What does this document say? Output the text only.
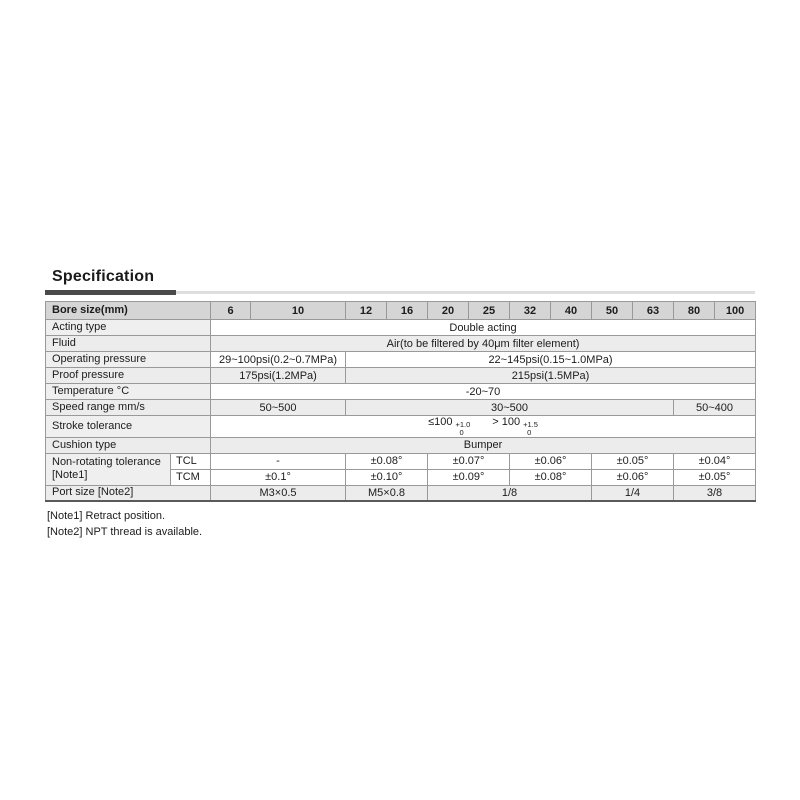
Specification
Bore size(mm)		6	10	12	16	20	25	32	40	50	63	80	100
Acting type		Double acting											
Fluid		Air(to be filtered by 40μm filter element)											
Operating pressure		29~100psi(0.2~0.7MPa)		22~145psi(0.15~1.0MPa)									
Proof pressure		175psi(1.2MPa)		215psi(1.5MPa)									
Temperature °C		-20~70											
Speed range mm/s		50~500		30~500								50~400	
Stroke tolerance	≤100 +1.0
0
> 100 +1.5
0

Cushion type		Bumper											
Non-rotating tolerance [Note1]	TCL	-		±0.08°		±0.07°		±0.06°		±0.05°		±0.04°	
	TCM	±0.1°		±0.10°		±0.09°		±0.08°		±0.06°		±0.05°	
Port size [Note2]		M3×0.5		M5×0.8		1/8				1/4		3/8	
[Note1] Retract position.
[Note2] NPT thread is available.
